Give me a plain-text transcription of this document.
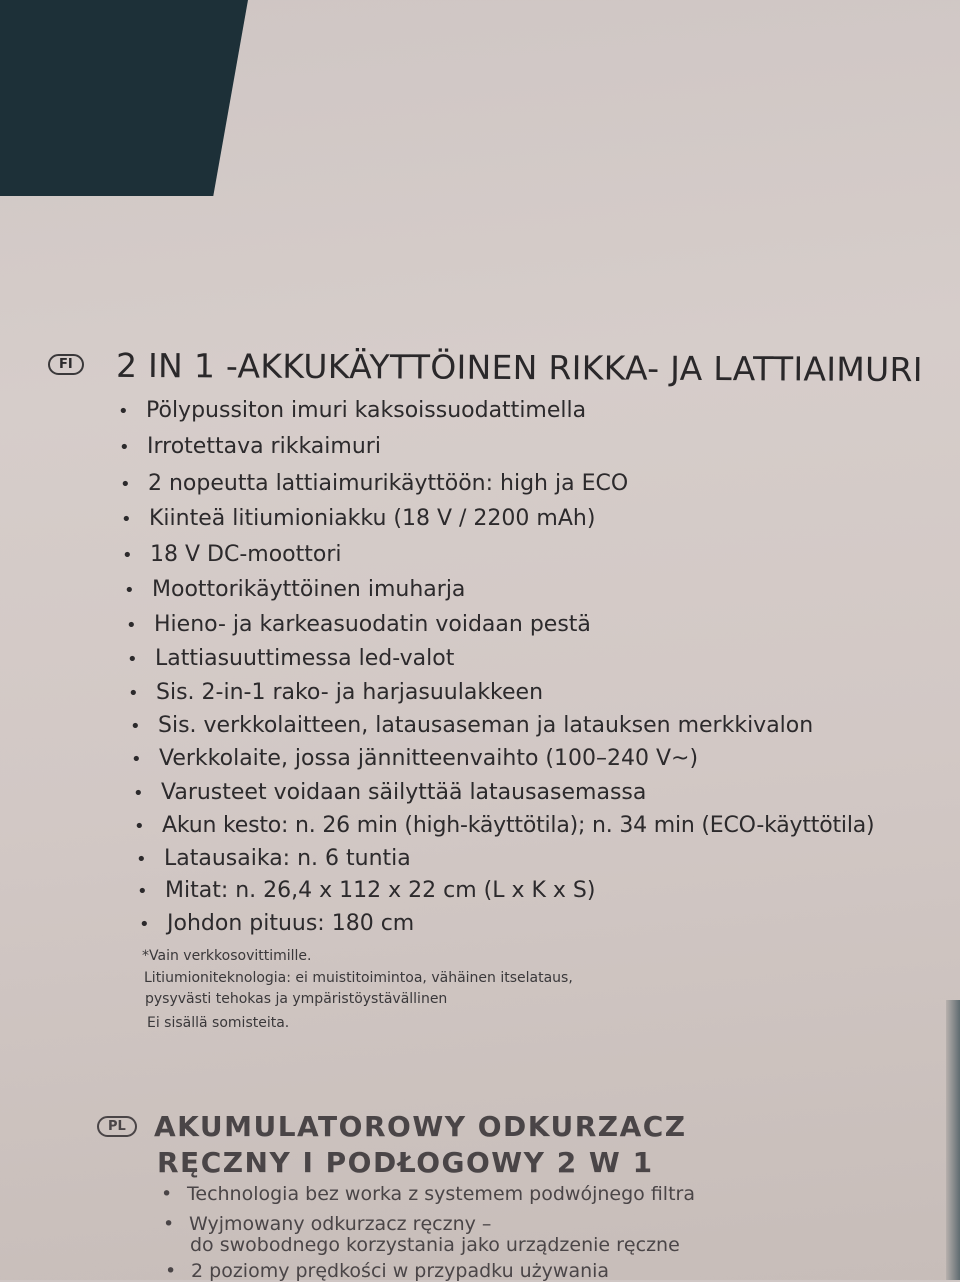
FI	2 IN 1 -AKKUKÄYTTÖINEN RIKKA- JA LATTIAIMURI
• Pölypussiton imuri kaksoissuodattimella
• Irrotettava rikkaimuri
• 2 nopeutta lattiaimurikäyttöön: high ja ECO
• Kiinteä litiumioniakku (18 V / 2200 mAh)
• 18 V DC-moottori
• Moottorikäyttöinen imuharja
• Hieno- ja karkeasuodatin voidaan pestä
• Lattiasuuttimessa led-valot
• Sis. 2-in-1 rako- ja harjasuulakkeen
• Sis. verkkolaitteen, latausaseman ja latauksen merkkivalon
• Verkkolaite, jossa jännitteenvaihto (100–240 V~)
• Varusteet voidaan säilyttää latausasemassa
• Akun kesto: n. 26 min (high-käyttötila); n. 34 min (ECO-käyttötila)
• Latausaika: n. 6 tuntia
• Mitat: n. 26,4 x 112 x 22 cm (L x K x S)
• Johdon pituus: 180 cm
*Vain verkkosovittimille.
Litiumioniteknologia: ei muistitoimintoa, vähäinen itselataus,
pysyvästi tehokas ja ympäristöystävällinen
Ei sisällä somisteita.
PL	AKUMULATOROWY ODKURZACZ
RĘCZNY I PODŁOGOWY 2 W 1
• Technologia bez worka z systemem podwójnego filtra
• Wyjmowany odkurzacz ręczny –
do swobodnego korzystania jako urządzenie ręczne
• 2 poziomy prędkości w przypadku używania
